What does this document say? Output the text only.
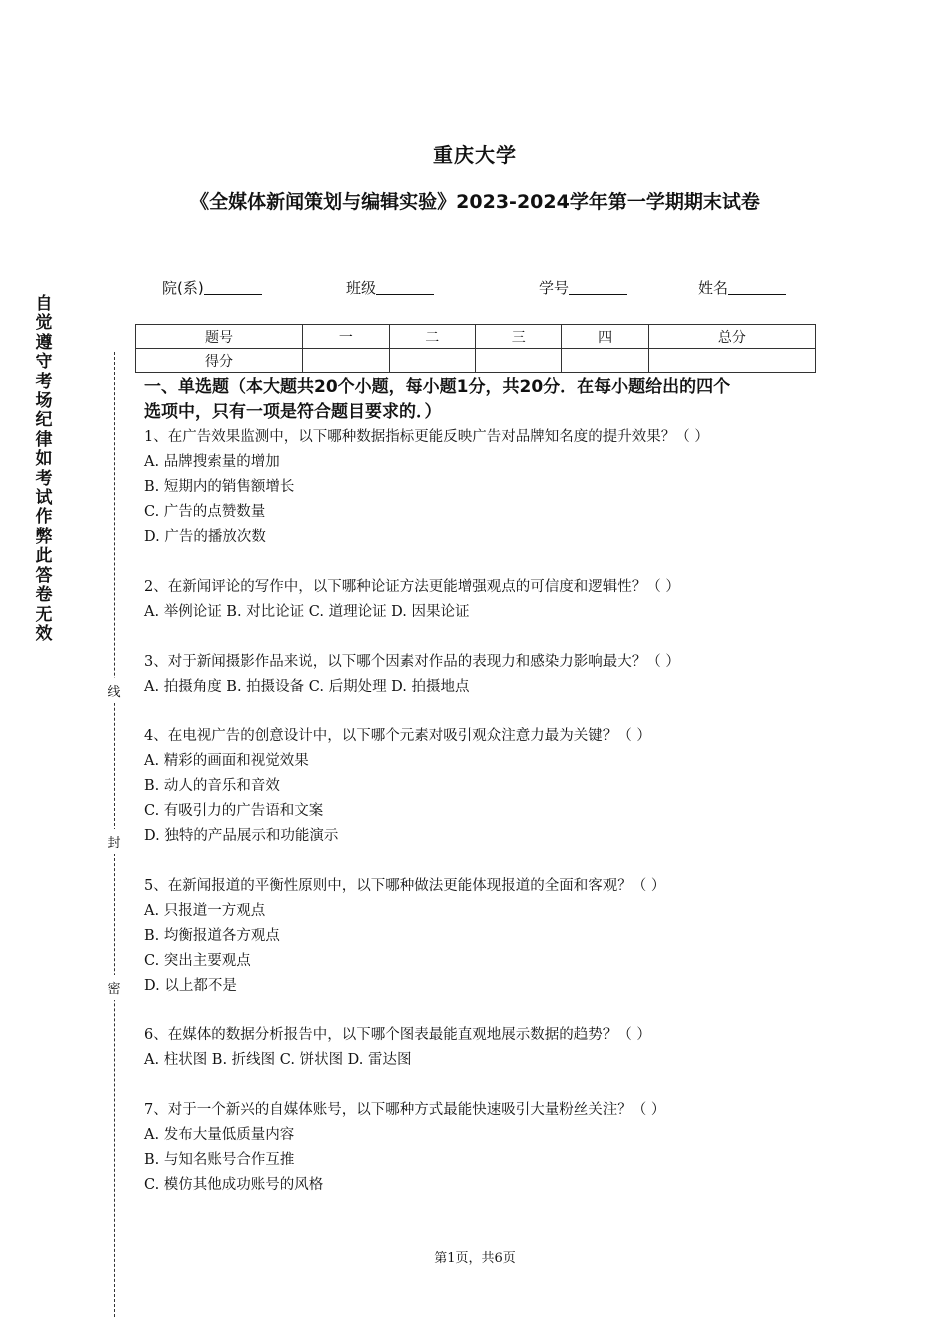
重庆大学
《全媒体新闻策划与编辑实验》2023-2024学年第一学期期末试卷
院(系)	班级	学号	姓名
题号	一	二	三	四	总分
得分					
自觉遵守考场纪律如考试作弊此答卷无效
线
封
密
一、单选题（本大题共20个小题，每小题1分，共20分．在每小题给出的四个
选项中，只有一项是符合题目要求的．）
1、在广告效果监测中，以下哪种数据指标更能反映广告对品牌知名度的提升效果？（ ）
A. 品牌搜索量的增加
B. 短期内的销售额增长
C. 广告的点赞数量
D. 广告的播放次数
2、在新闻评论的写作中，以下哪种论证方法更能增强观点的可信度和逻辑性？（ ）
A. 举例论证 B. 对比论证 C. 道理论证 D. 因果论证
3、对于新闻摄影作品来说，以下哪个因素对作品的表现力和感染力影响最大？（ ）
A. 拍摄角度 B. 拍摄设备 C. 后期处理 D. 拍摄地点
4、在电视广告的创意设计中，以下哪个元素对吸引观众注意力最为关键？（ ）
A. 精彩的画面和视觉效果
B. 动人的音乐和音效
C. 有吸引力的广告语和文案
D. 独特的产品展示和功能演示
5、在新闻报道的平衡性原则中，以下哪种做法更能体现报道的全面和客观？（ ）
A. 只报道一方观点
B. 均衡报道各方观点
C. 突出主要观点
D. 以上都不是
6、在媒体的数据分析报告中，以下哪个图表最能直观地展示数据的趋势？（ ）
A. 柱状图 B. 折线图 C. 饼状图 D. 雷达图
7、对于一个新兴的自媒体账号，以下哪种方式最能快速吸引大量粉丝关注？（ ）
A. 发布大量低质量内容
B. 与知名账号合作互推
C. 模仿其他成功账号的风格
第1页，共6页
